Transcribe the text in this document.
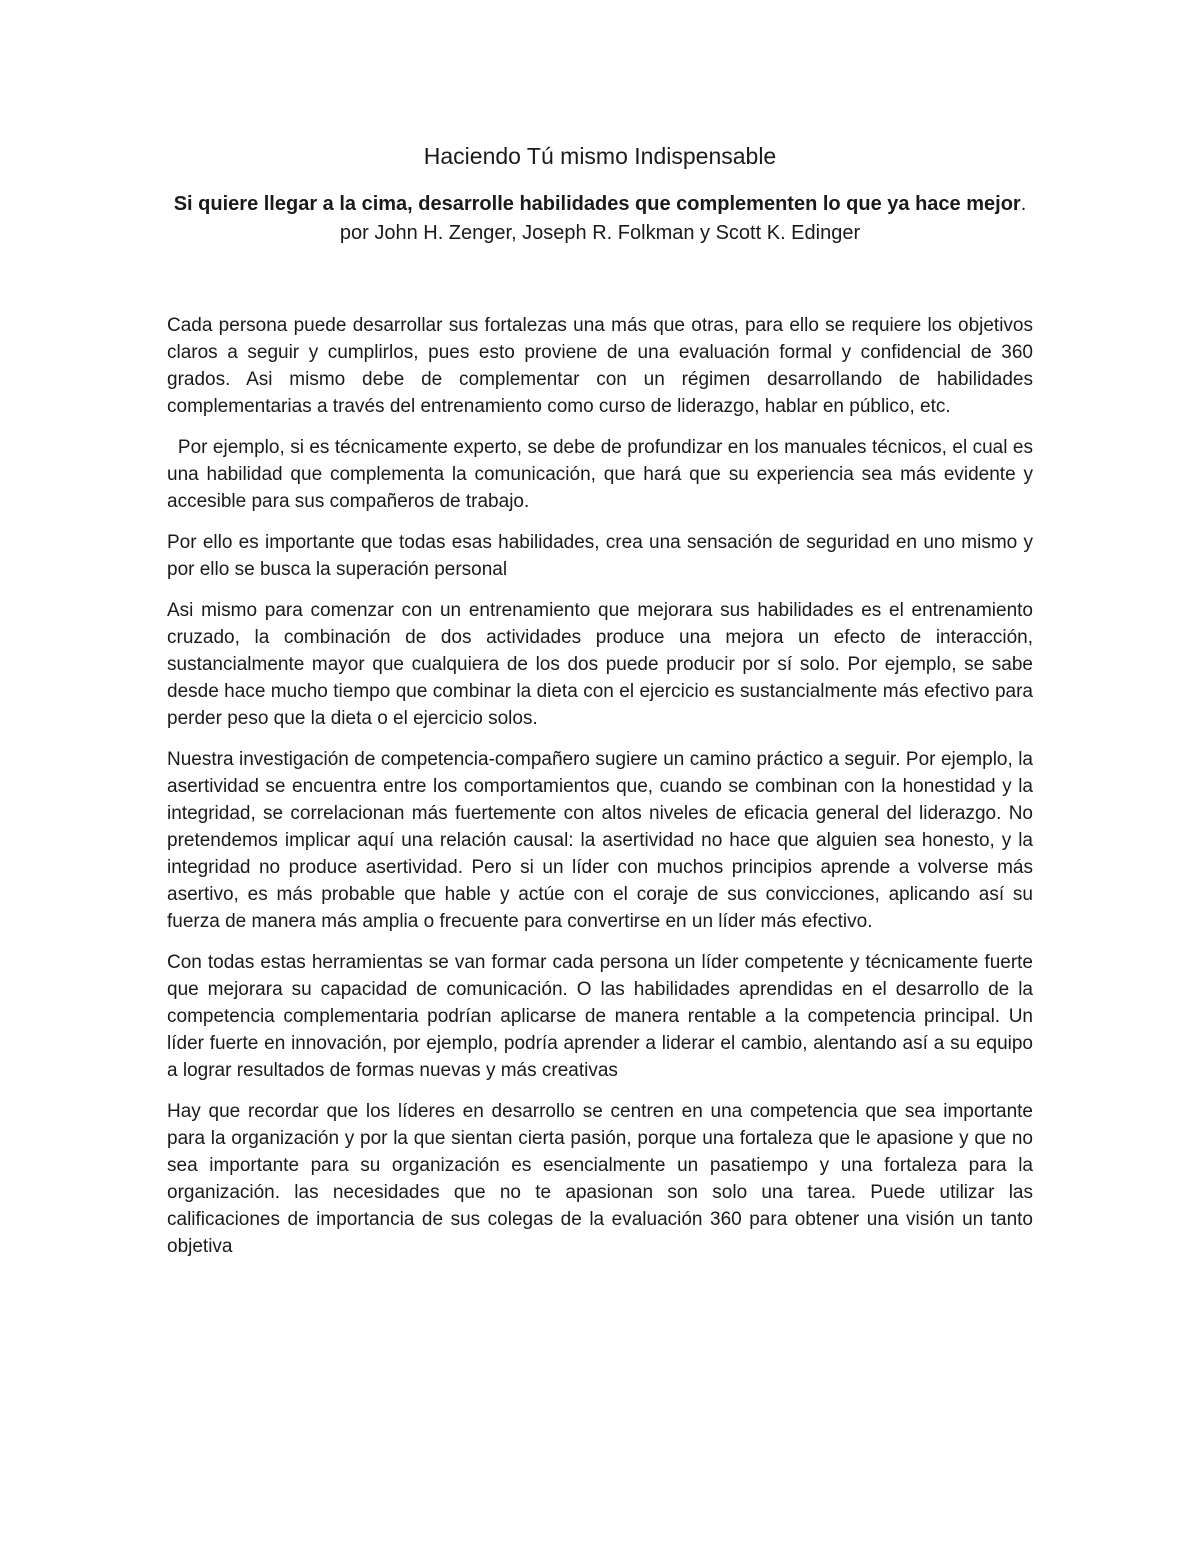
Haciendo Tú mismo Indispensable

Si quiere llegar a la cima, desarrolle habilidades que complementen lo que ya hace mejor. por John H. Zenger, Joseph R. Folkman y Scott K. Edinger

Cada persona puede desarrollar sus fortalezas una más que otras, para ello se requiere los objetivos claros a seguir y cumplirlos, pues esto proviene de una evaluación formal y confidencial de 360 grados. Asi mismo debe de complementar con un régimen desarrollando de habilidades complementarias a través del entrenamiento como curso de liderazgo, hablar en público, etc.

Por ejemplo, si es técnicamente experto, se debe de profundizar en los manuales técnicos, el cual es una habilidad que complementa la comunicación, que hará que su experiencia sea más evidente y accesible para sus compañeros de trabajo.

Por ello es importante que todas esas habilidades, crea una sensación de seguridad en uno mismo y por ello se busca la superación personal

Asi mismo para comenzar con un entrenamiento que mejorara sus habilidades es el entrenamiento cruzado, la combinación de dos actividades produce una mejora un efecto de interacción, sustancialmente mayor que cualquiera de los dos puede producir por sí solo. Por ejemplo, se sabe desde hace mucho tiempo que combinar la dieta con el ejercicio es sustancialmente más efectivo para perder peso que la dieta o el ejercicio solos.

Nuestra investigación de competencia-compañero sugiere un camino práctico a seguir. Por ejemplo, la asertividad se encuentra entre los comportamientos que, cuando se combinan con la honestidad y la integridad, se correlacionan más fuertemente con altos niveles de eficacia general del liderazgo. No pretendemos implicar aquí una relación causal: la asertividad no hace que alguien sea honesto, y la integridad no produce asertividad. Pero si un líder con muchos principios aprende a volverse más asertivo, es más probable que hable y actúe con el coraje de sus convicciones, aplicando así su fuerza de manera más amplia o frecuente para convertirse en un líder más efectivo.

Con todas estas herramientas se van formar cada persona un líder competente y técnicamente fuerte que mejorara su capacidad de comunicación. O las habilidades aprendidas en el desarrollo de la competencia complementaria podrían aplicarse de manera rentable a la competencia principal. Un líder fuerte en innovación, por ejemplo, podría aprender a liderar el cambio, alentando así a su equipo a lograr resultados de formas nuevas y más creativas

Hay que recordar que los líderes en desarrollo se centren en una competencia que sea importante para la organización y por la que sientan cierta pasión, porque una fortaleza que le apasione y que no sea importante para su organización es esencialmente un pasatiempo y una fortaleza para la organización. las necesidades que no te apasionan son solo una tarea. Puede utilizar las calificaciones de importancia de sus colegas de la evaluación 360 para obtener una visión un tanto objetiva
